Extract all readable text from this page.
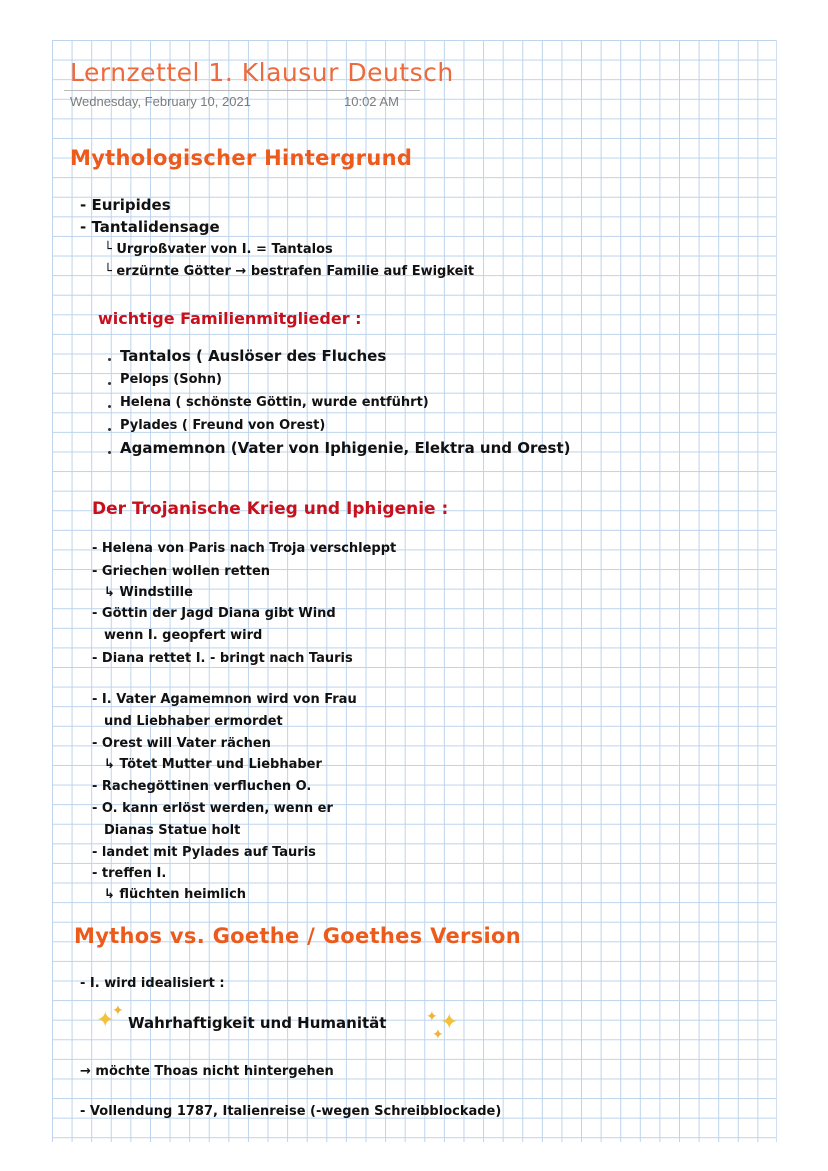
Lernzettel 1. Klausur Deutsch

Wednesday, February 10, 2021	10:02 AM

Mythologischer Hintergrund

- Euripides

- Tantalidensage

└ Urgroßvater von I. = Tantalos

└ erzürnte Götter → bestrafen Familie auf Ewigkeit

wichtige Familienmitglieder :

Tantalos ( Auslöser des Fluches

Pelops (Sohn)

Helena ( schönste Göttin, wurde entführt)

Pylades ( Freund von Orest)

Agamemnon (Vater von Iphigenie, Elektra und Orest)

Der Trojanische Krieg und Iphigenie :

- Helena von Paris nach Troja verschleppt

- Griechen wollen retten

↳ Windstille

- Göttin der Jagd Diana gibt Wind

wenn I. geopfert wird

- Diana rettet I. - bringt nach Tauris

- I. Vater Agamemnon wird von Frau

und Liebhaber ermordet

- Orest will Vater rächen

↳ Tötet Mutter und Liebhaber

- Rachegöttinen verfluchen O.

- O. kann erlöst werden, wenn er

Dianas Statue holt

- landet mit Pylades auf Tauris

- treffen I.

↳ flüchten heimlich

Mythos vs. Goethe / Goethes Version

- I. wird idealisiert :

✦
✦

Wahrhaftigkeit und Humanität	✦ ✦
✦

→ möchte Thoas nicht hintergehen

- Vollendung 1787, Italienreise (-wegen Schreibblockade)
